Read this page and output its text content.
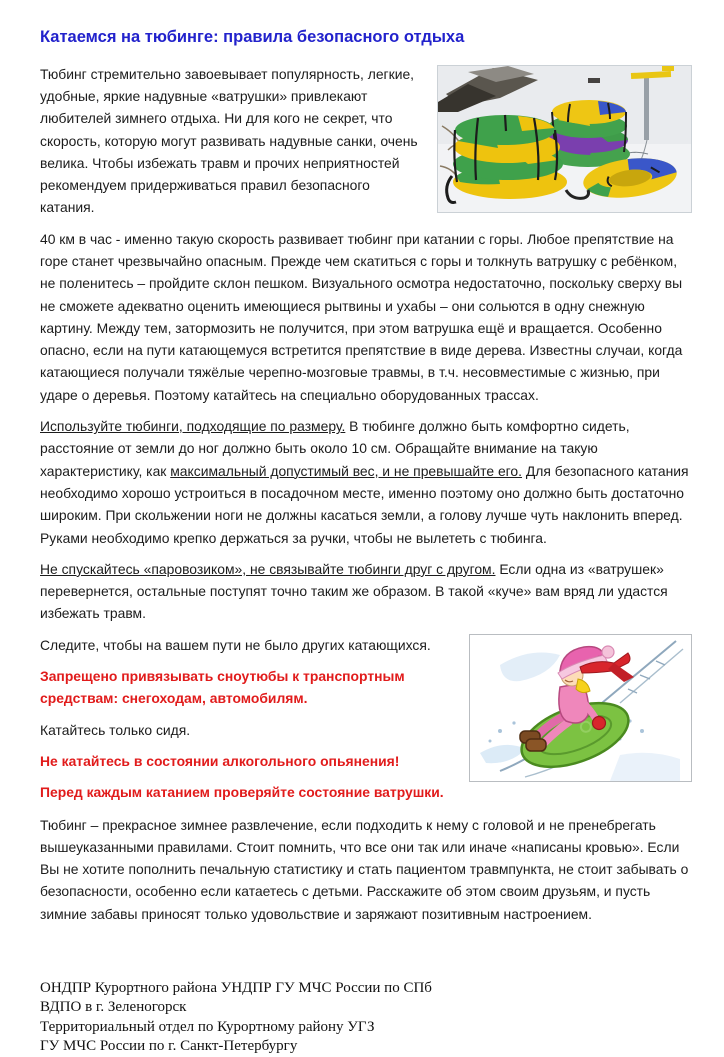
Катаемся на тюбинге: правила безопасного отдыха

Тюбинг стремительно завоевывает популярность, легкие, удобные, яркие надувные «ватрушки» привлекают любителей зимнего отдыха. Ни для кого не секрет, что скорость, которую могут развивать надувные санки, очень велика. Чтобы избежать травм и прочих неприятностей рекомендуем придерживаться правил безопасного катания.

40 км в час - именно такую скорость развивает тюбинг при катании с горы. Любое препятствие на горе станет чрезвычайно опасным. Прежде чем скатиться с горы и толкнуть ватрушку с ребёнком, не поленитесь – пройдите склон пешком. Визуального осмотра недостаточно, поскольку сверху вы не сможете адекватно оценить имеющиеся рытвины и ухабы – они сольются в одну снежную картину. Между тем, затормозить не получится, при этом ватрушка ещё и вращается. Особенно опасно, если на пути катающемуся встретится препятствие в виде дерева. Известны случаи, когда катающиеся получали тяжёлые черепно-мозговые травмы, в т.ч. несовместимые с жизнью, при ударе о деревья. Поэтому катайтесь на специально оборудованных трассах.

Используйте тюбинги, подходящие по размеру. В тюбинге должно быть комфортно сидеть, расстояние от земли до ног должно быть около 10 см. Обращайте внимание на такую характеристику, как максимальный допустимый вес, и не превышайте его. Для безопасного катания необходимо хорошо устроиться в посадочном месте, именно поэтому оно должно быть достаточно широким. При скольжении ноги не должны касаться земли, а голову лучше чуть наклонить вперед. Руками необходимо крепко держаться за ручки, чтобы не вылететь с тюбинга.

Не спускайтесь «паровозиком», не связывайте тюбинги друг с другом. Если одна из «ватрушек» перевернется, остальные поступят точно таким же образом. В такой «куче» вам вряд ли удастся избежать травм.

Следите, чтобы на вашем пути не было других катающихся.

Запрещено привязывать сноутюбы к транспортным средствам: снегоходам, автомобилям.

Катайтесь только сидя.

Не катайтесь в состоянии алкогольного опьянения!

Перед каждым катанием проверяйте состояние ватрушки.

Тюбинг – прекрасное зимнее развлечение, если подходить к нему с головой и не пренебрегать вышеуказанными правилами. Стоит помнить, что все они так или иначе «написаны кровью». Если Вы не хотите пополнить печальную статистику и стать пациентом травмпункта, не стоит забывать о безопасности, особенно если катаетесь с детьми. Расскажите об этом своим друзьям, и пусть зимние забавы приносят только удовольствие и заряжают позитивным настроением.

ОНДПР Курортного района УНДПР ГУ МЧС России по СПб
ВДПО в г. Зеленогорск
Территориальный отдел по Курортному району УГЗ
ГУ МЧС России по г. Санкт-Петербургу
